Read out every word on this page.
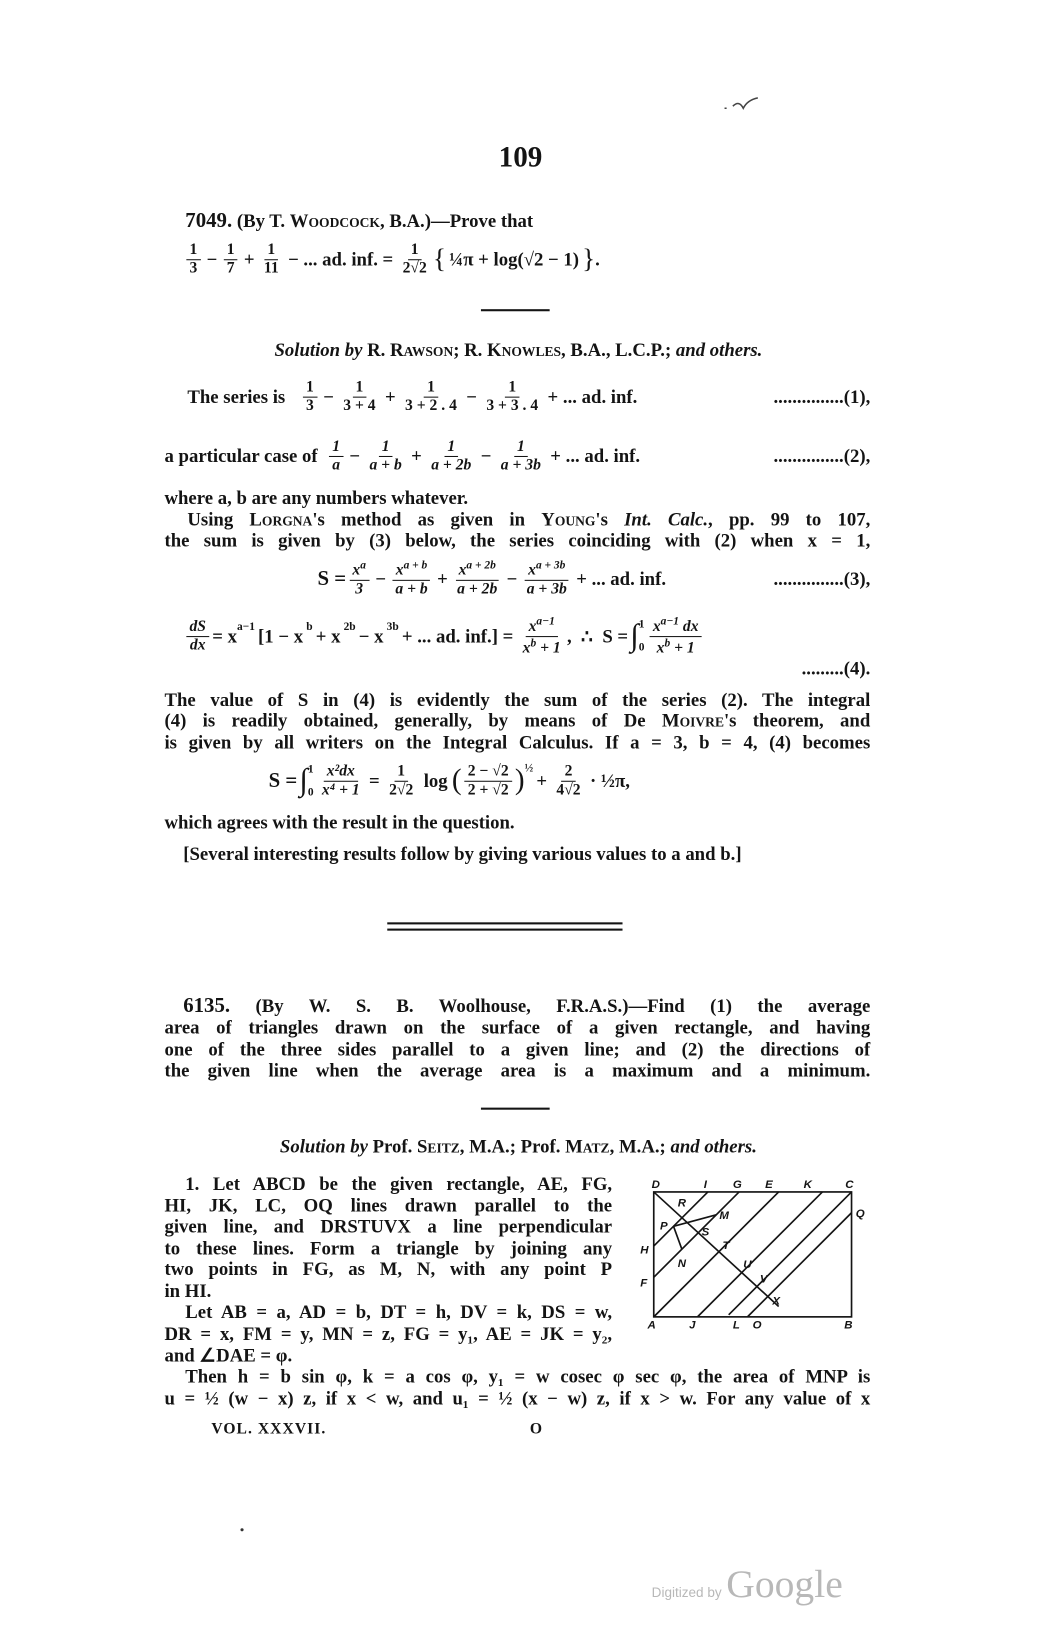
109
7049. (By T. Woodcock, B.A.)—Prove that
$\frac{1}{3} - \frac{1}{7} + \frac{1}{11}$ − ... ad. inf. = $\frac{1}{2√2}$ { ¼π + log(√2 − 1) } .
Solution by R. Rawson; R. Knowles, B.A., L.C.P.; and others.
The series is $\frac{1}{3} - \frac{1}{3 + 4} + \frac{1}{3 + 2 . 4} - \frac{1}{3 + 3 . 4}$ + ... ad. inf.	...............(1),
a particular case of $\frac{1}{a} - \frac{1}{a + b} + \frac{1}{a + 2b} - \frac{1}{a + 3b}$ + ... ad. inf.	...............(2),
where a, b are any numbers whatever.
Using Lorgna's method as given in Young's Int. Calc., pp. 99 to 107,
the sum is given by (3) below, the series coinciding with (2) when x = 1,
$S = \frac{x^a}{3} - \frac{x^{a + b}}{a + b} + \frac{x^{a + 2b}}{a + 2b} - \frac{x^{a + 3b}}{a + 3b}$ + ... ad. inf.	...............(3),
$\frac{dS}{dx} = x^{a-1}$ [1 − x $^b$ + x $^{2b}$ − x $^{3b}$ + ... ad. $inf.] = \frac{x^{a-1}}{x^b + 1}$ ,  ∴  S = ∫ 1
$0 \frac{x^{a-1} dx}{x^b + 1}$
.........(4).
The value of S in (4) is evidently the sum of the series (2). The integral
(4) is readily obtained, generally, by means of De Moivre's theorem, and
is given by all writers on the Integral Calculus. If a = 3, b = 4, (4) becomes
S = ∫ 1
$0 \frac{\text{x²dx}}{\text{x⁴ + 1}} = \frac{1}{2√2}$ log ( $\frac{2 - √2}{2 + √2} )^{\frac{1}{2}}$
+ $\frac{2}{4√2}$ · ½π,
which agrees with the result in the question.
[Several interesting results follow by giving various values to a and b.]
6135. (By W. S. B. Woolhouse, F.R.A.S.)—Find (1) the average
area of triangles drawn on the surface of a given rectangle, and having
one of the three sides parallel to a given line; and (2) the directions of
the given line when the average area is a maximum and a minimum.
Solution by Prof. Seitz, M.A.; Prof. Matz, M.A.; and others.
1. Let ABCD be the given rectangle, AE, FG,
HI, JK, LC, OQ lines drawn parallel to the
given line, and DRSTUVX a line perpendicular
to these lines. Form a triangle by joining any
two points in FG, as M, N, with any point P
in HI.
Let AB = a, AD = b, DT = h, DV = k, DS = w,
DR = x, FM = y, MN = z, FG = y₁, AE = JK = y₂,
and ∠DAE = φ.
Then h = b sin φ, k = a cos φ, y₁ = w cosec φ sec φ, the area of MNP is
u = ½ (w − x) z, if x < w, and u₁ = ½ (x − w) z, if x > w. For any value of x
D	I G E	K	C
Q
R
M
P
S
T
H
N	U
V
F
X
A	J	L O	B
VOL. XXXVII.	O
Digitized by Google
